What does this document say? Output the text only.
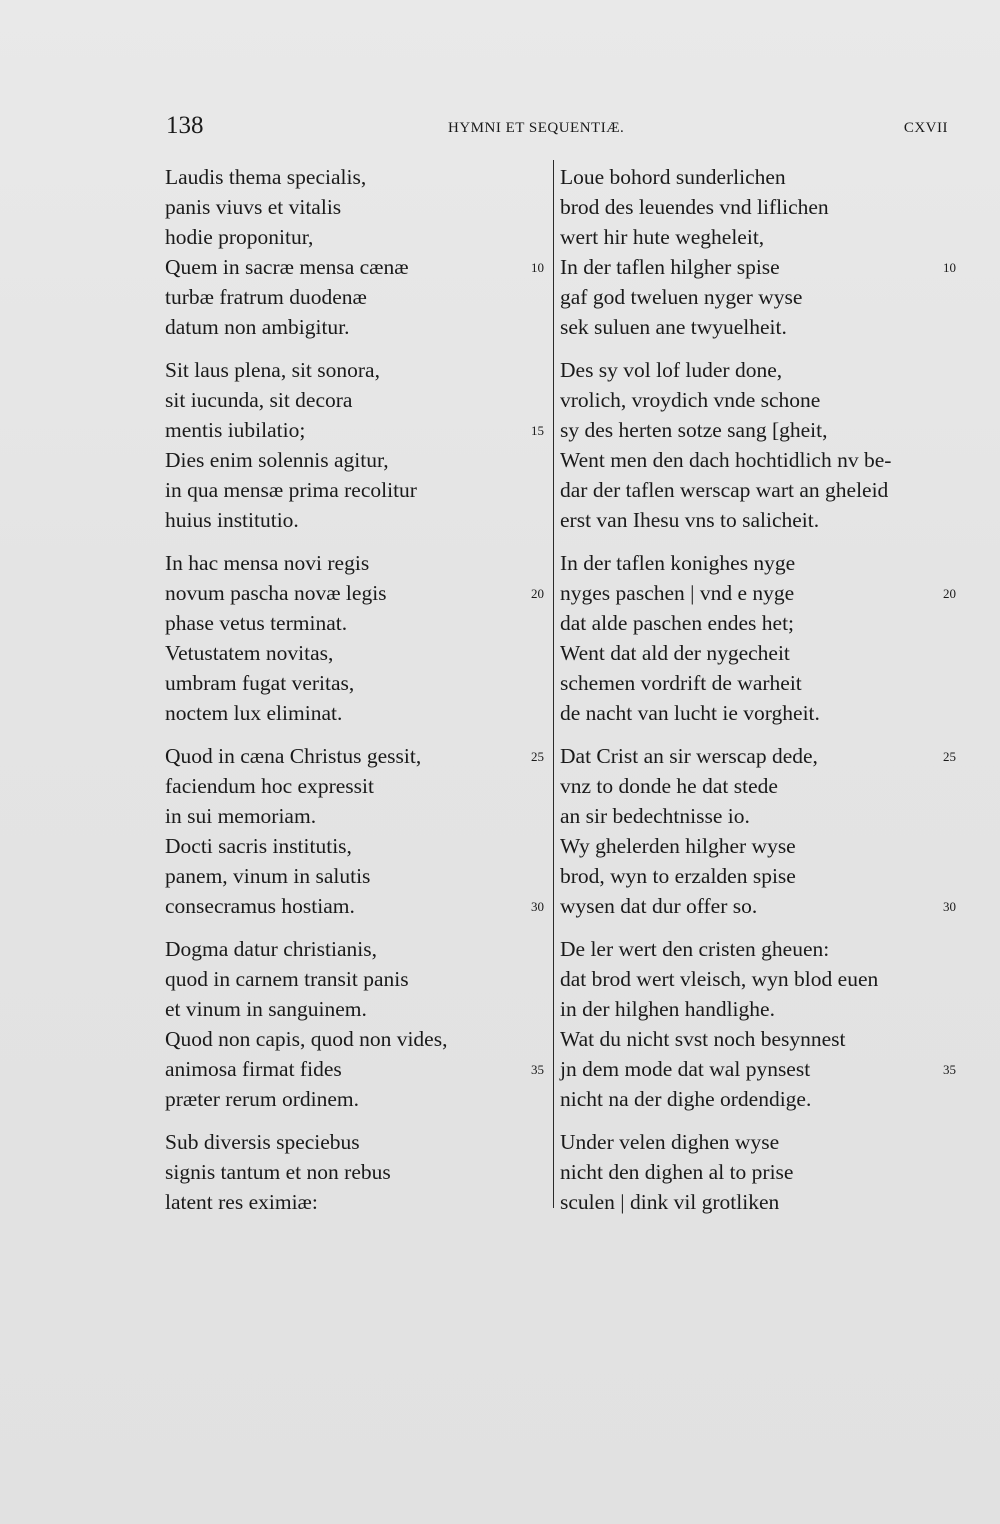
138	HYMNI ET SEQUENTIÆ.	CXVII
Laudis thema specialis,
panis viuvs et vitalis
hodie proponitur,
Quem in sacræ mensa cænæ	10
turbæ fratrum duodenæ
datum non ambigitur.
Sit laus plena, sit sonora,
sit iucunda, sit decora
mentis iubilatio;	15
Dies enim solennis agitur,
in qua mensæ prima recolitur
huius institutio.
In hac mensa novi regis
novum pascha novæ legis	20
phase vetus terminat.
Vetustatem novitas,
umbram fugat veritas,
noctem lux eliminat.
Quod in cæna Christus gessit,	25
faciendum hoc expressit
in sui memoriam.
Docti sacris institutis,
panem, vinum in salutis
consecramus hostiam.	30
Dogma datur christianis,
quod in carnem transit panis
et vinum in sanguinem.
Quod non capis, quod non vides,
animosa firmat fides	35
præter rerum ordinem.
Sub diversis speciebus
signis tantum et non rebus
latent res eximiæ:
Loue bohord sunderlichen
brod des leuendes vnd liflichen
wert hir hute wegheleit,
In der taflen hilgher spise	10
gaf god tweluen nyger wyse
sek suluen ane twyuelheit.
Des sy vol lof luder done,
vrolich, vroydich vnde schone
sy des herten sotze sang [gheit,
Went men den dach hochtidlich nv be-
dar der taflen werscap wart an gheleid
erst van Ihesu vns to salicheit.
In der taflen konighes nyge
nyges paschen | vnd e nyge	20
dat alde paschen endes het;
Went dat ald der nygecheit
schemen vordrift de warheit
de nacht van lucht ie vorgheit.
Dat Crist an sir werscap dede,	25
vnz to donde he dat stede
an sir bedechtnisse io.
Wy ghelerden hilgher wyse
brod, wyn to erzalden spise
wysen dat dur offer so.	30
De ler wert den cristen gheuen:
dat brod wert vleisch, wyn blod euen
in der hilghen handlighe.
Wat du nicht svst noch besynnest
jn dem mode dat wal pynsest	35
nicht na der dighe ordendige.
Under velen dighen wyse
nicht den dighen al to prise
sculen | dink vil grotliken
